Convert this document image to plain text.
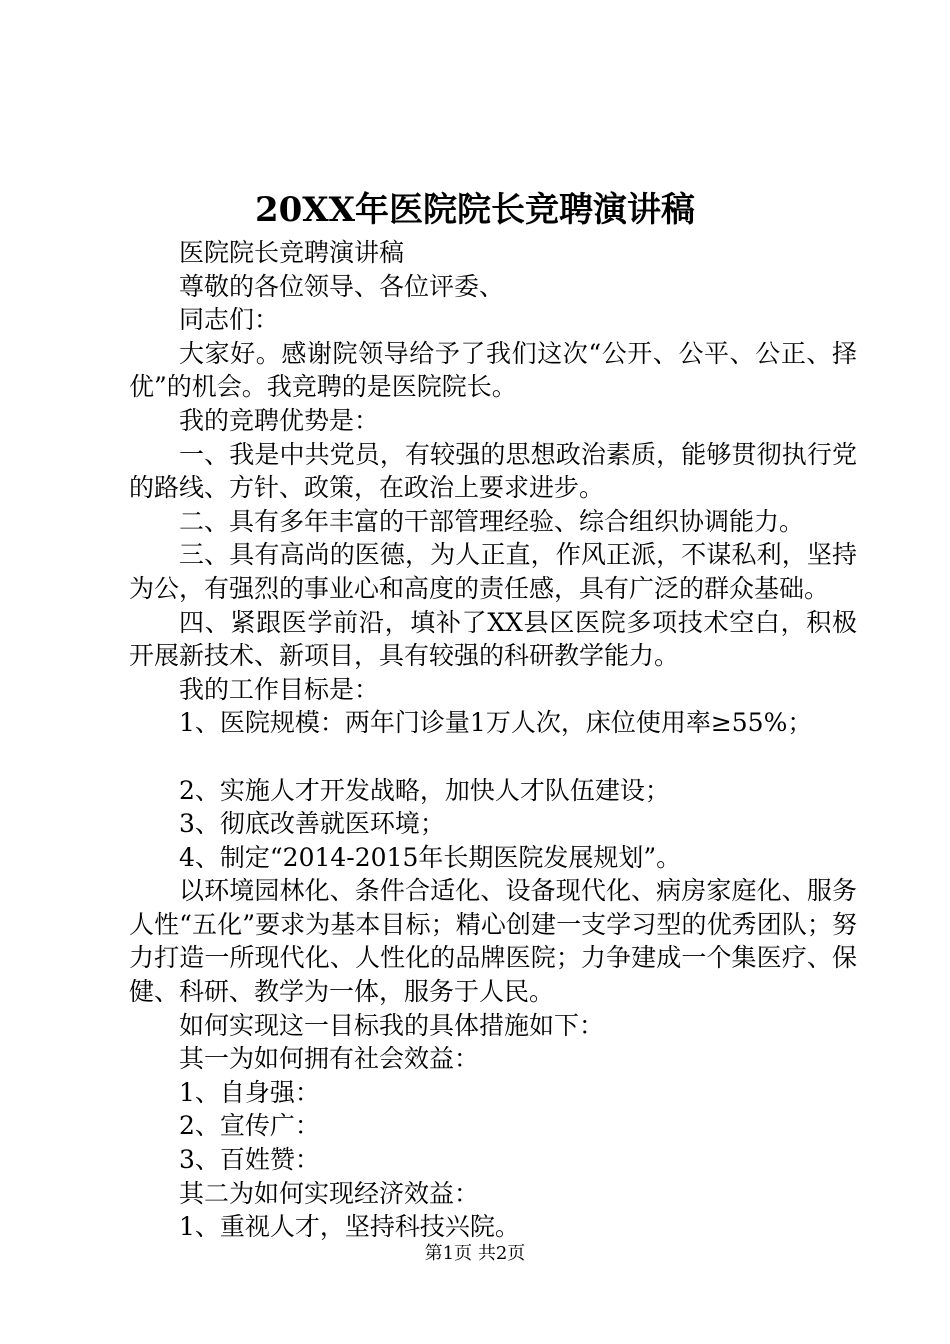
20XX年医院院长竞聘演讲稿

医院院长竞聘演讲稿

尊敬的各位领导、各位评委、

同志们：

大家好。感谢院领导给予了我们这次“公开、公平、公正、择优”的机会。我竞聘的是医院院长。

我的竞聘优势是：

一、我是中共党员，有较强的思想政治素质，能够贯彻执行党的路线、方针、政策，在政治上要求进步。

二、具有多年丰富的干部管理经验、综合组织协调能力。

三、具有高尚的医德，为人正直，作风正派，不谋私利，坚持为公，有强烈的事业心和高度的责任感，具有广泛的群众基础。

四、紧跟医学前沿，填补了XX县区医院多项技术空白，积极开展新技术、新项目，具有较强的科研教学能力。

我的工作目标是：

1、医院规模：两年门诊量1万人次，床位使用率≥55%；

2、实施人才开发战略，加快人才队伍建设；

3、彻底改善就医环境；

4、制定“2014-2015年长期医院发展规划”。

以环境园林化、条件合适化、设备现代化、病房家庭化、服务人性“五化”要求为基本目标；精心创建一支学习型的优秀团队；努力打造一所现代化、人性化的品牌医院；力争建成一个集医疗、保健、科研、教学为一体，服务于人民。

如何实现这一目标我的具体措施如下：

其一为如何拥有社会效益：

1、自身强：

2、宣传广：

3、百姓赞：

其二为如何实现经济效益：

1、重视人才，坚持科技兴院。

第1页 共2页
